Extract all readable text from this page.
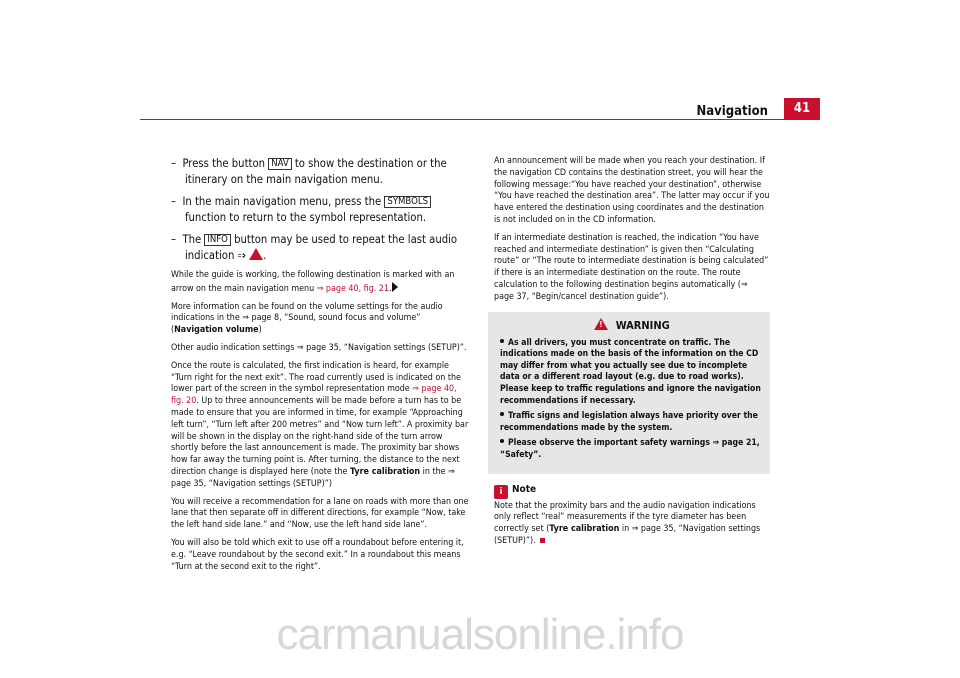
Navigation	41

– Press the button NAV to show the destination or the itinerary on the main navigation menu.

– In the main navigation menu, press the SYMBOLS function to return to the symbol representation.

– The INFO button may be used to repeat the last audio indication ⇒ !.

While the guide is working, the following destination is marked with an arrow on the main navigation menu ⇒ page 40, fig. 21.

More information can be found on the volume settings for the audio indications in the ⇒ page 8, “Sound, sound focus and volume” (Navigation volume)

Other audio indication settings ⇒ page 35, “Navigation settings (SETUP)”.

Once the route is calculated, the first indication is heard, for example “Turn right for the next exit”. The road currently used is indicated on the lower part of the screen in the symbol representation mode ⇒ page 40, fig. 20. Up to three announcements will be made before a turn has to be made to ensure that you are informed in time, for example “Approaching left turn”, “Turn left after 200 metres” and “Now turn left”. A proximity bar will be shown in the display on the right-hand side of the turn arrow shortly before the last announcement is made. The proximity bar shows how far away the turning point is. After turning, the distance to the next direction change is displayed here (note the Tyre calibration in the ⇒ page 35, “Navigation settings (SETUP)”)

You will receive a recommendation for a lane on roads with more than one lane that then separate off in different directions, for example “Now, take the left hand side lane.” and “Now, use the left hand side lane”.

You will also be told which exit to use off a roundabout before entering it, e.g. “Leave roundabout by the second exit.” In a roundabout this means “Turn at the second exit to the right”.

An announcement will be made when you reach your destination. If the navigation CD contains the destination street, you will hear the following message:“You have reached your destination”, otherwise “You have reached the destination area”. The latter may occur if you have entered the destination using coordinates and the destination is not included on in the CD information.

If an intermediate destination is reached, the indication “You have reached and intermediate destination” is given then “Calculating route” or “The route to intermediate destination is being calculated” if there is an intermediate destination on the route. The route calculation to the following destination begins automatically (⇒ page 37, “Begin/cancel destination guide”).

! WARNING

As all drivers, you must concentrate on traffic. The indications made on the basis of the information on the CD may differ from what you actually see due to incomplete data or a different road layout (e.g. due to road works). Please keep to traffic regulations and ignore the navigation recommendations if necessary.

Traffic signs and legislation always have priority over the recommendations made by the system.

Please observe the important safety warnings ⇒ page 21, “Safety”.

i Note

Note that the proximity bars and the audio navigation indications only reflect “real” measurements if the tyre diameter has been correctly set (Tyre calibration in ⇒ page 35, “Navigation settings (SETUP)”).

carmanualsonline.info
